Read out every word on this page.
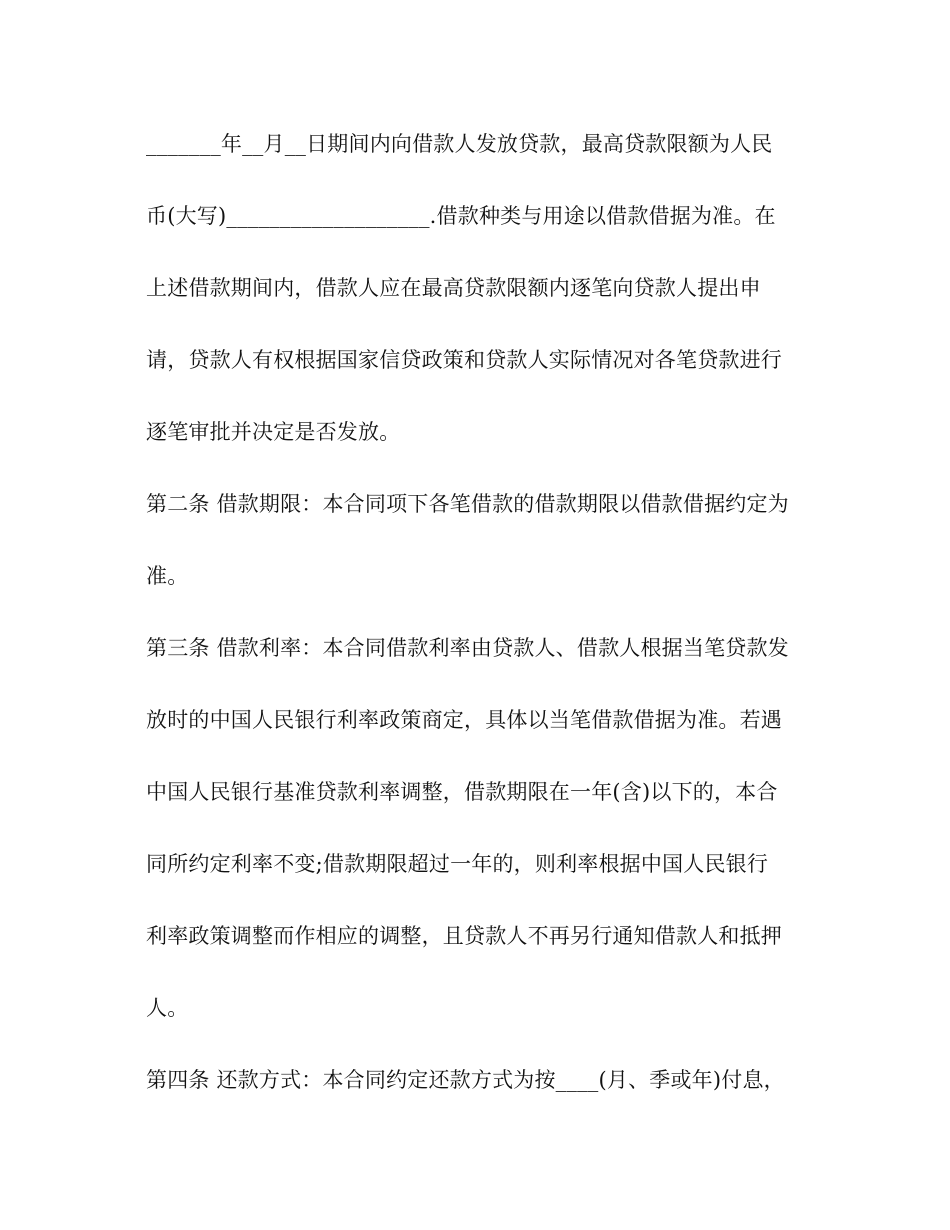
_______年__月__日期间内向借款人发放贷款，最高贷款限额为人民
币(大写)___________________.借款种类与用途以借款借据为准。在
上述借款期间内，借款人应在最高贷款限额内逐笔向贷款人提出申
请，贷款人有权根据国家信贷政策和贷款人实际情况对各笔贷款进行
逐笔审批并决定是否发放。
第二条 借款期限：本合同项下各笔借款的借款期限以借款借据约定为
准。
第三条 借款利率：本合同借款利率由贷款人、借款人根据当笔贷款发
放时的中国人民银行利率政策商定，具体以当笔借款借据为准。若遇
中国人民银行基准贷款利率调整，借款期限在一年(含)以下的，本合
同所约定利率不变;借款期限超过一年的，则利率根据中国人民银行
利率政策调整而作相应的调整，且贷款人不再另行通知借款人和抵押
人。
第四条 还款方式：本合同约定还款方式为按____(月、季或年)付息，
